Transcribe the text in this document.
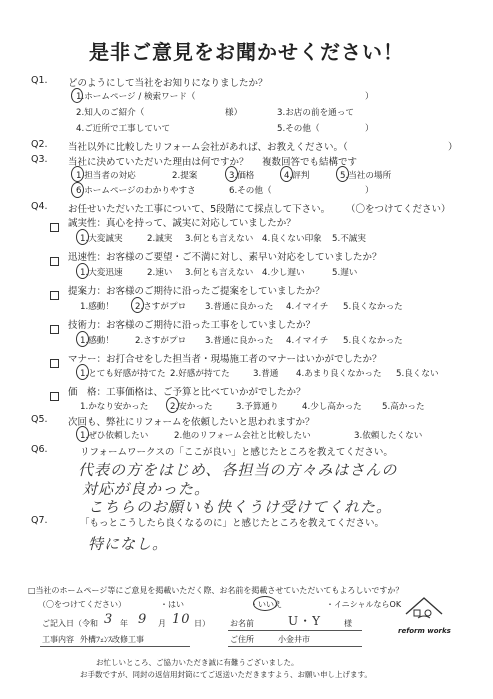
是非ご意見をお聞かせください！
Q1. どのようにして当社をお知りになりましたか？
1.ホームページ / 検索ワード（	）
2.知人のご紹介（	様）	3.お店の前を通って
4.ご近所で工事していて	5.その他（	）
Q2. 当社以外に比較したリフォーム会社があれば、お教えください。（	）
Q3. 当社に決めていただいた理由は何ですか？ 複数回答でも結構です
1.担当者の対応	2.提案	3.価格	4.評判	5.当社の場所
6.ホームページのわかりやすさ	6.その他（	）
Q4. お任せいただいた工事について、5段階にて採点して下さい。 （〇をつけてください）
誠実性：真心を持って、誠実に対応していましたか？
1.大変誠実	2.誠実 3.何とも言えない 4.良くない印象 5.不誠実
迅速性：お客様のご要望・ご不満に対し、素早い対応をしていましたか？
1.大変迅速	2.速い 3.何とも言えない 4.少し遅い	5.遅い
提案力：お客様のご期待に沿ったご提案をしていましたか？
1.感動！ 2.さすがプロ 3.普通に良かった 4.イマイチ 5.良くなかった
技術力：お客様のご期待に沿った工事をしていましたか？
1.感動！ 2.さすがプロ 3.普通に良かった 4.イマイチ 5.良くなかった
マナー：お打合せをした担当者・現場施工者のマナーはいかがでしたか？
1.とても好感が持てた 2.好感が持てた	3.普通 4.あまり良くなかった 5.良くない
価　格：工事価格は、ご予算と比べていかがでしたか？
1.かなり安かった	2.安かった	3.予算通り	4.少し高かった 5.高かった
Q5. 次回も、弊社にリフォームを依頼したいと思われますか？
1.ぜひ依頼したい	2.他のリフォーム会社と比較したい	3.依頼したくない
Q6.	リフォームワークスの「ここが良い」と感じたところを教えてください。
代表の方をはじめ、各担当の方々みはさんの
対応が良かった。
こちらのお願いも快くうけ受けてくれた。
Q7.	「もっとこうしたら良くなるのに」と感じたところを教えてください。
特になし。
□当社のホームページ等にご意見を掲載いただく際、お名前を掲載させていただいてもよろしいですか？
（〇をつけてください）	・はい	・いいえ	・イニシャルならOK
ご記入日（令和 3 年 9 月 10 日）	お名前	U・Y	様
工事内容 外構ﾌｪﾝｽ改修工事	ご住所	小金井市
お忙しいところ、ご協力いただき誠に有難うございました。
お手数ですが、同封の返信用封筒にてご返送いただきますよう、お願い申し上げます。
reform works
